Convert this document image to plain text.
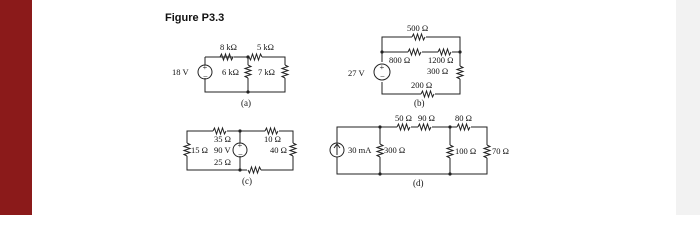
Figure P3.3
+
−
18 V
8 kΩ 5 kΩ
6 kΩ 7 kΩ
(a)
+
−
27 V
500 Ω
800 Ω 1200 Ω
300 Ω
200 Ω
(b)
+
−
90 V
35 Ω
15 Ω
25 Ω
10 Ω
40 Ω
(c)
30 mA 300 Ω
50 Ω 90 Ω 80 Ω
100 Ω 70 Ω
(d)
